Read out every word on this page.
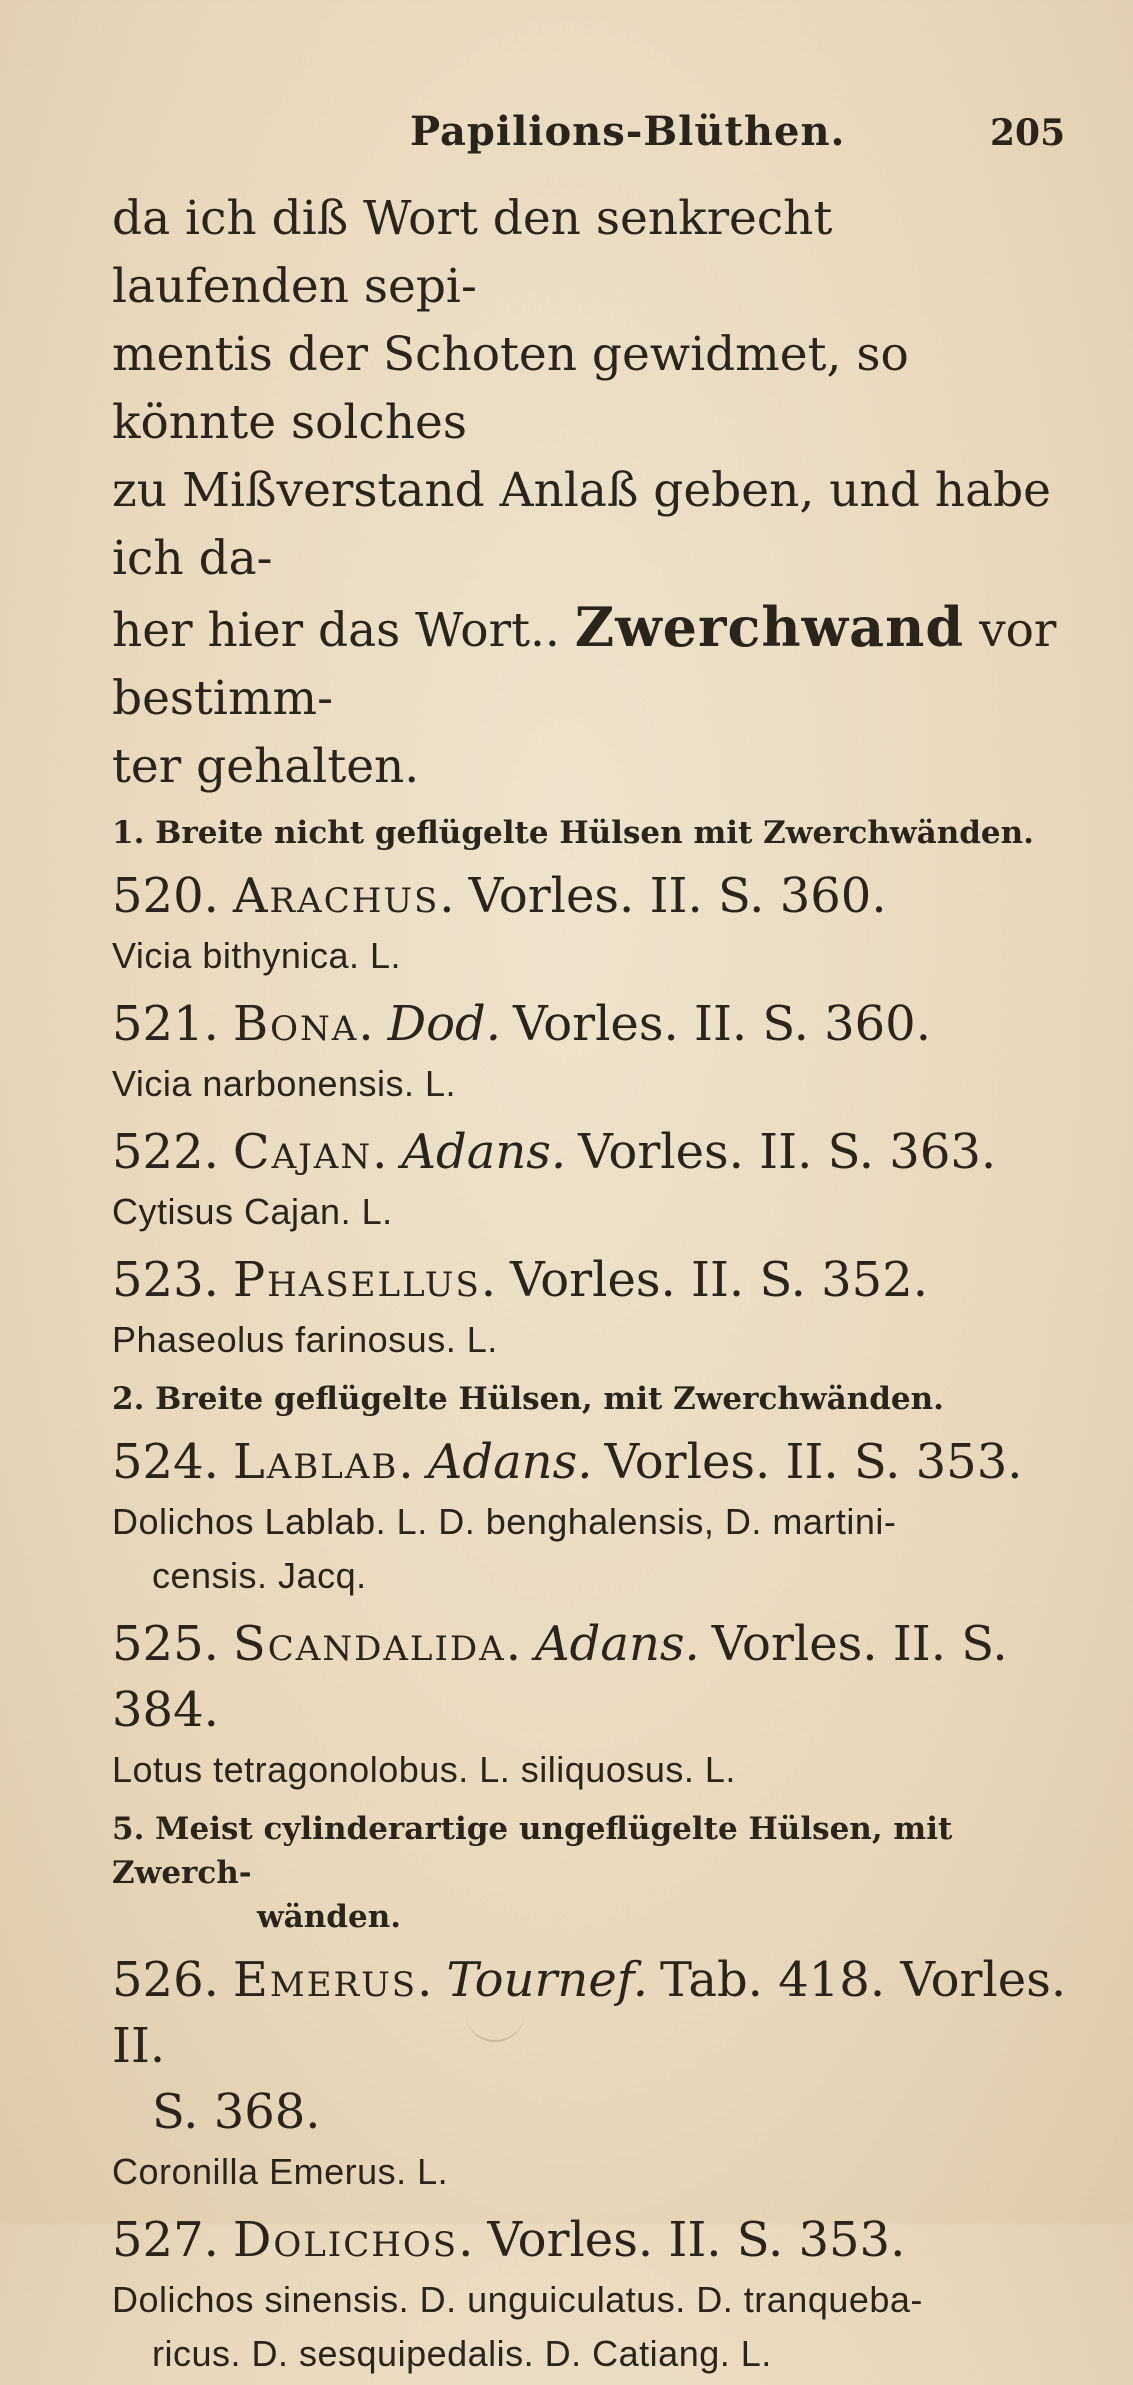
Papilions-Blüthen.	205

da ich diß Wort den senkrecht laufenden sepi-
mentis der Schoten gewidmet, so könnte solches
zu Mißverstand Anlaß geben, und habe ich da-
her hier das Wort.. Zwerchwand vor bestimm-
ter gehalten.

1. Breite nicht geflügelte Hülsen mit Zwerchwänden.

520. Arachus. Vorles. II. S. 360.

Vicia bithynica. L.

521. Bona. Dod. Vorles. II. S. 360.

Vicia narbonensis. L.

522. Cajan. Adans. Vorles. II. S. 363.

Cytisus Cajan. L.

523. Phasellus. Vorles. II. S. 352.

Phaseolus farinosus. L.

2. Breite geflügelte Hülsen, mit Zwerchwänden.

524. Lablab. Adans. Vorles. II. S. 353.

Dolichos Lablab. L. D. benghalensis, D. martini-
censis. Jacq.

525. Scandalida. Adans. Vorles. II. S. 384.

Lotus tetragonolobus. L. siliquosus. L.

5. Meist cylinderartige ungeflügelte Hülsen, mit Zwerch-
wänden.

526. Emerus. Tournef. Tab. 418. Vorles. II.
S. 368.

Coronilla Emerus. L.

527. Dolichos. Vorles. II. S. 353.

Dolichos sinensis. D. unguiculatus. D. tranqueba-
ricus. D. sesquipedalis. D. Catiang. L.
